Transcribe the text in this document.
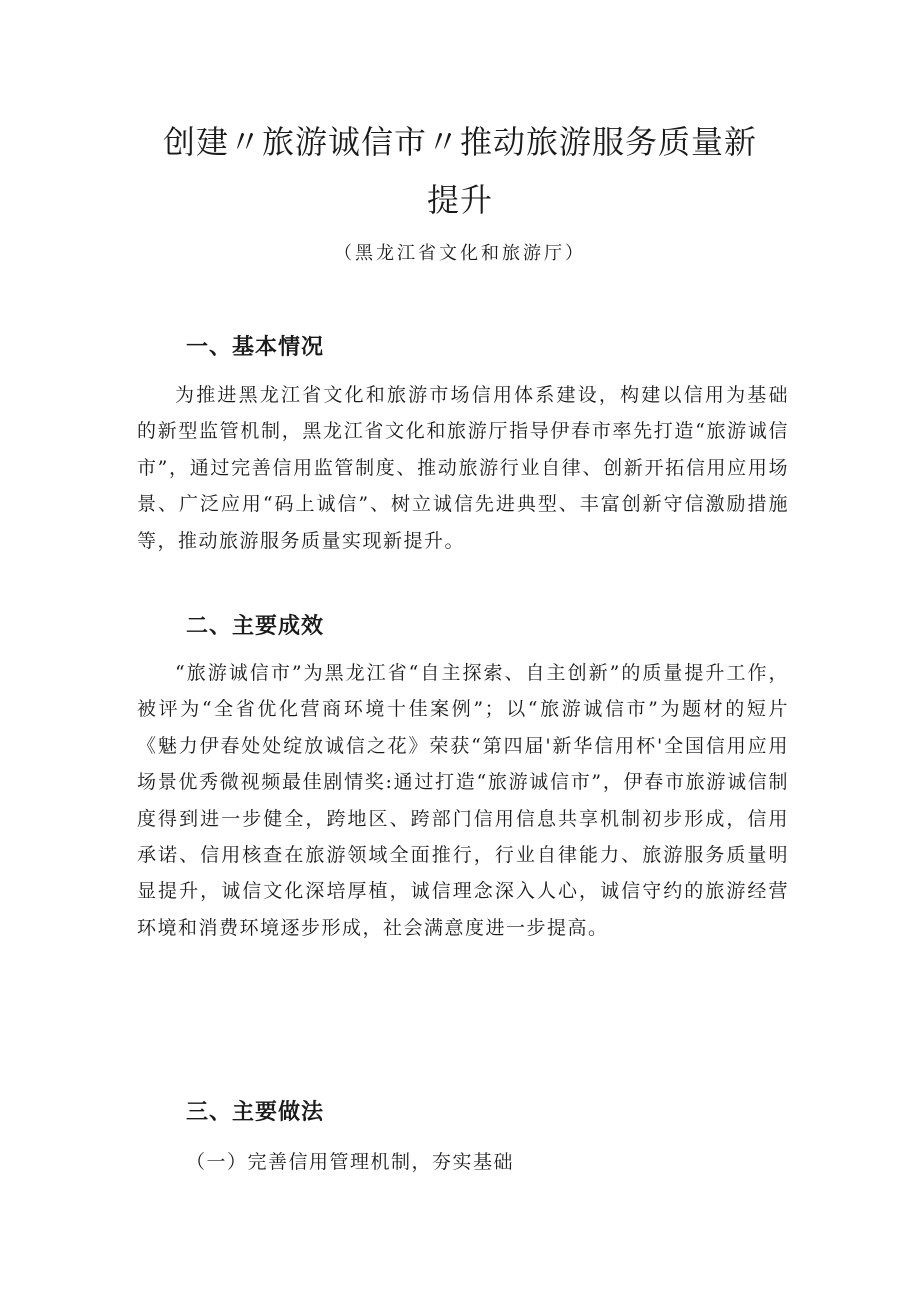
创建〃旅游诚信市〃推动旅游服务质量新
提升
（黑龙江省文化和旅游厅）
一、基本情况

为推进黑龙江省文化和旅游市场信用体系建设，构建以信用为基础的新型监管机制，黑龙江省文化和旅游厅指导伊春市率先打造“旅游诚信市”，通过完善信用监管制度、推动旅游行业自律、创新开拓信用应用场景、广泛应用“码上诚信”、树立诚信先进典型、丰富创新守信激励措施等，推动旅游服务质量实现新提升。

二、主要成效

“旅游诚信市”为黑龙江省“自主探索、自主创新”的质量提升工作，被评为“全省优化营商环境十佳案例”；以“旅游诚信市”为题材的短片《魅力伊春处处绽放诚信之花》荣获“第四届'新华信用杯'全国信用应用场景优秀微视频最佳剧情奖:通过打造“旅游诚信市”，伊春市旅游诚信制度得到进一步健全，跨地区、跨部门信用信息共享机制初步形成，信用承诺、信用核查在旅游领域全面推行，行业自律能力、旅游服务质量明显提升，诚信文化深培厚植，诚信理念深入人心，诚信守约的旅游经营环境和消费环境逐步形成，社会满意度进一步提高。

三、主要做法

（一）完善信用管理机制，夯实基础
